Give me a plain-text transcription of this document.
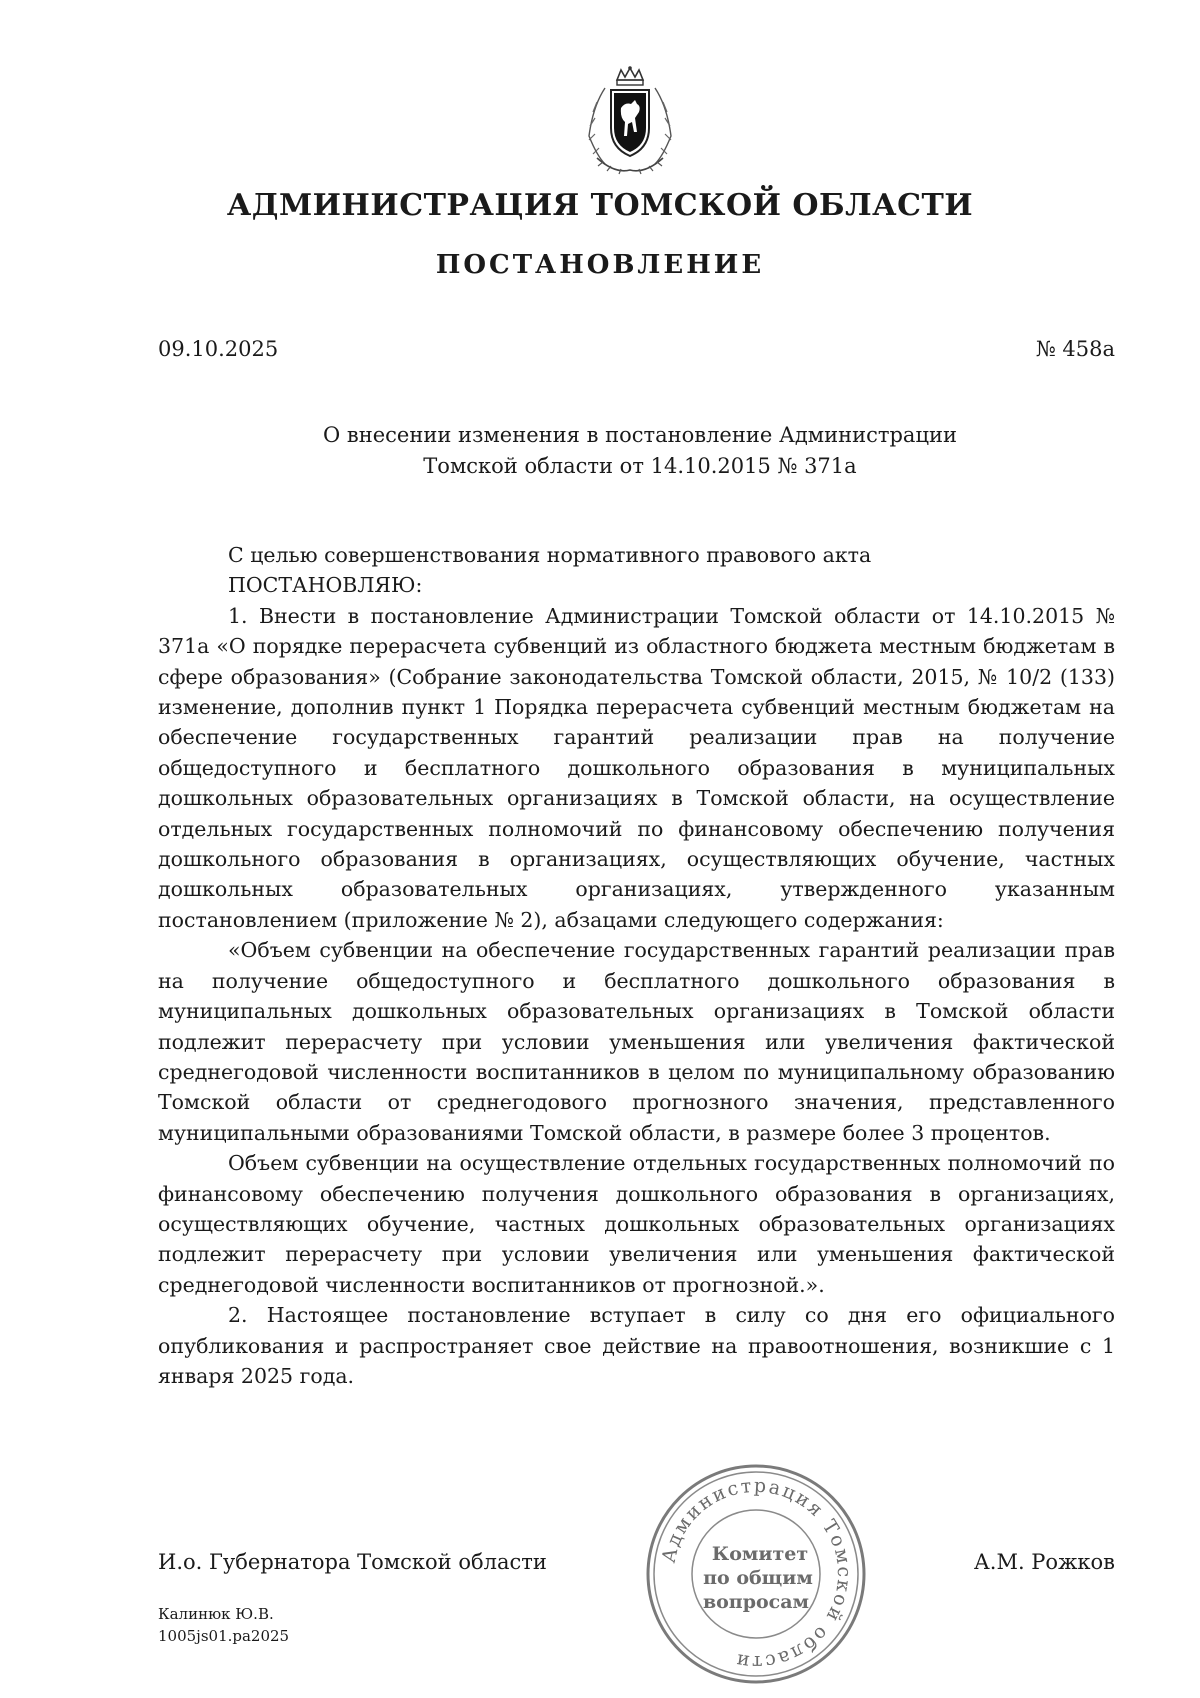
АДМИНИСТРАЦИЯ ТОМСКОЙ ОБЛАСТИ
ПОСТАНОВЛЕНИЕ
09.10.2025	№ 458а
О внесении изменения в постановление Администрации
Томской области от 14.10.2015 № 371а

С целью совершенствования нормативного правового акта

ПОСТАНОВЛЯЮ:

1. Внести в постановление Администрации Томской области от 14.10.2015 № 371а «О порядке перерасчета субвенций из областного бюджета местным бюджетам в сфере образования» (Собрание законодательства Томской области, 2015, № 10/2 (133) изменение, дополнив пункт 1 Порядка перерасчета субвенций местным бюджетам на обеспечение государственных гарантий реализации прав на получение общедоступного и бесплатного дошкольного образования в муниципальных дошкольных образовательных организациях в Томской области, на осуществление отдельных государственных полномочий по финансовому обеспечению получения дошкольного образования в организациях, осуществляющих обучение, частных дошкольных образовательных организациях, утвержденного указанным постановлением (приложение № 2), абзацами следующего содержания:

«Объем субвенции на обеспечение государственных гарантий реализации прав на получение общедоступного и бесплатного дошкольного образования в муниципальных дошкольных образовательных организациях в Томской области подлежит перерасчету при условии уменьшения или увеличения фактической среднегодовой численности воспитанников в целом по муниципальному образованию Томской области от среднегодового прогнозного значения, представленного муниципальными образованиями Томской области, в размере более 3 процентов.

Объем субвенции на осуществление отдельных государственных полномочий по финансовому обеспечению получения дошкольного образования в организациях, осуществляющих обучение, частных дошкольных образовательных организациях подлежит перерасчету при условии увеличения или уменьшения фактической среднегодовой численности воспитанников от прогнозной.».

2. Настоящее постановление вступает в силу со дня его официального опубликования и распространяет свое действие на правоотношения, возникшие с 1 января 2025 года.

И.о. Губернатора Томской области	А.М. Рожков
Администрация Томской области
Комитет
по общим
вопросам
Калинюк Ю.В.
1005js01.pa2025
